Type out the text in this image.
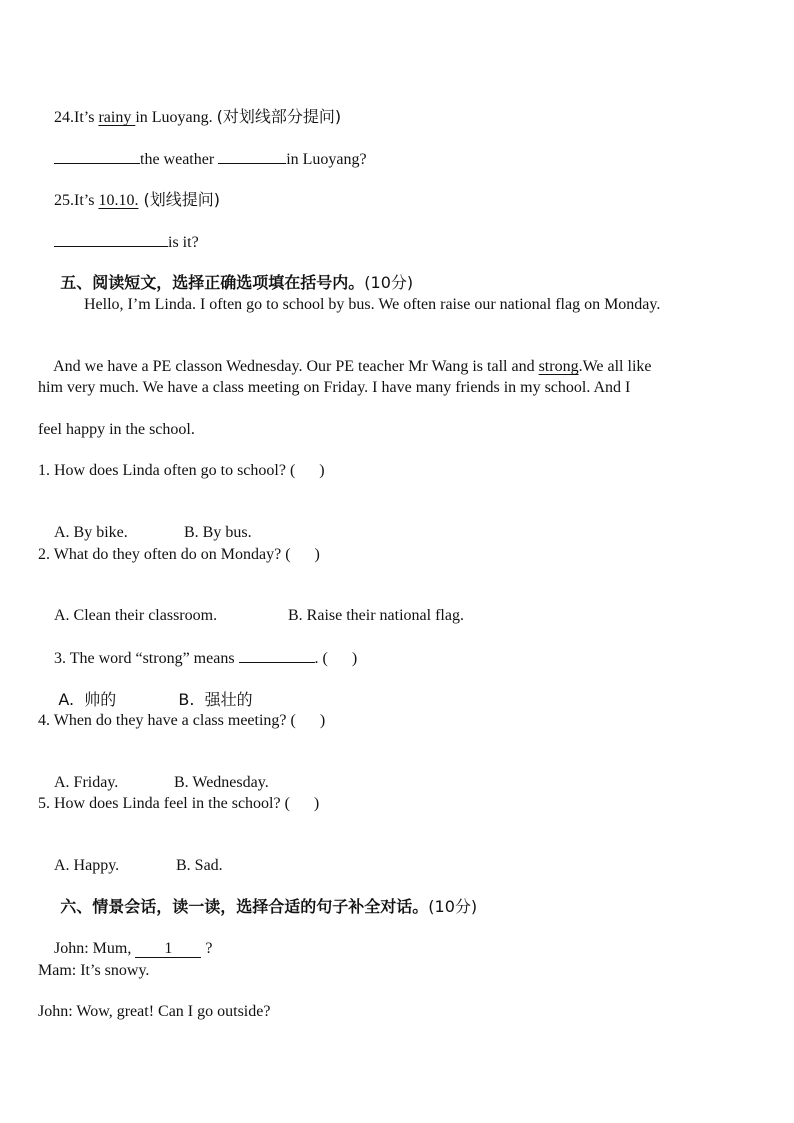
24.It’s rainy in Luoyang. (对划线部分提问)

the weather	in Luoyang?

25.It’s 10.10. (划线提问)

is it?

五、阅读短文，选择正确选项填在括号内。(10分)

Hello, I’m Linda. I often go to school by bus. We often raise our national flag on Monday.

And we have a PE classon Wednesday. Our PE teacher Mr Wang is tall and strong.We all like

him very much. We have a class meeting on Friday. I have many friends in my school. And I
feel happy in the school.
1. How does Linda often go to school? (      )

A. By bike.	B. By bus.

2. What do they often do on Monday? (      )

A. Clean their classroom.	B. Raise their national flag.

3. The word “strong” means	. (      )

A.  帅的	B.  强壮的

4. When do they have a class meeting? (      )

A. Friday.	B. Wednesday.

5. How does Linda feel in the school? (      )

A. Happy.	B. Sad.

六、情景会话，读一读，选择合适的句子补全对话。(10分)

John: Mum, 1 ?

Mam: It’s snowy.
John: Wow, great! Can I go outside?
